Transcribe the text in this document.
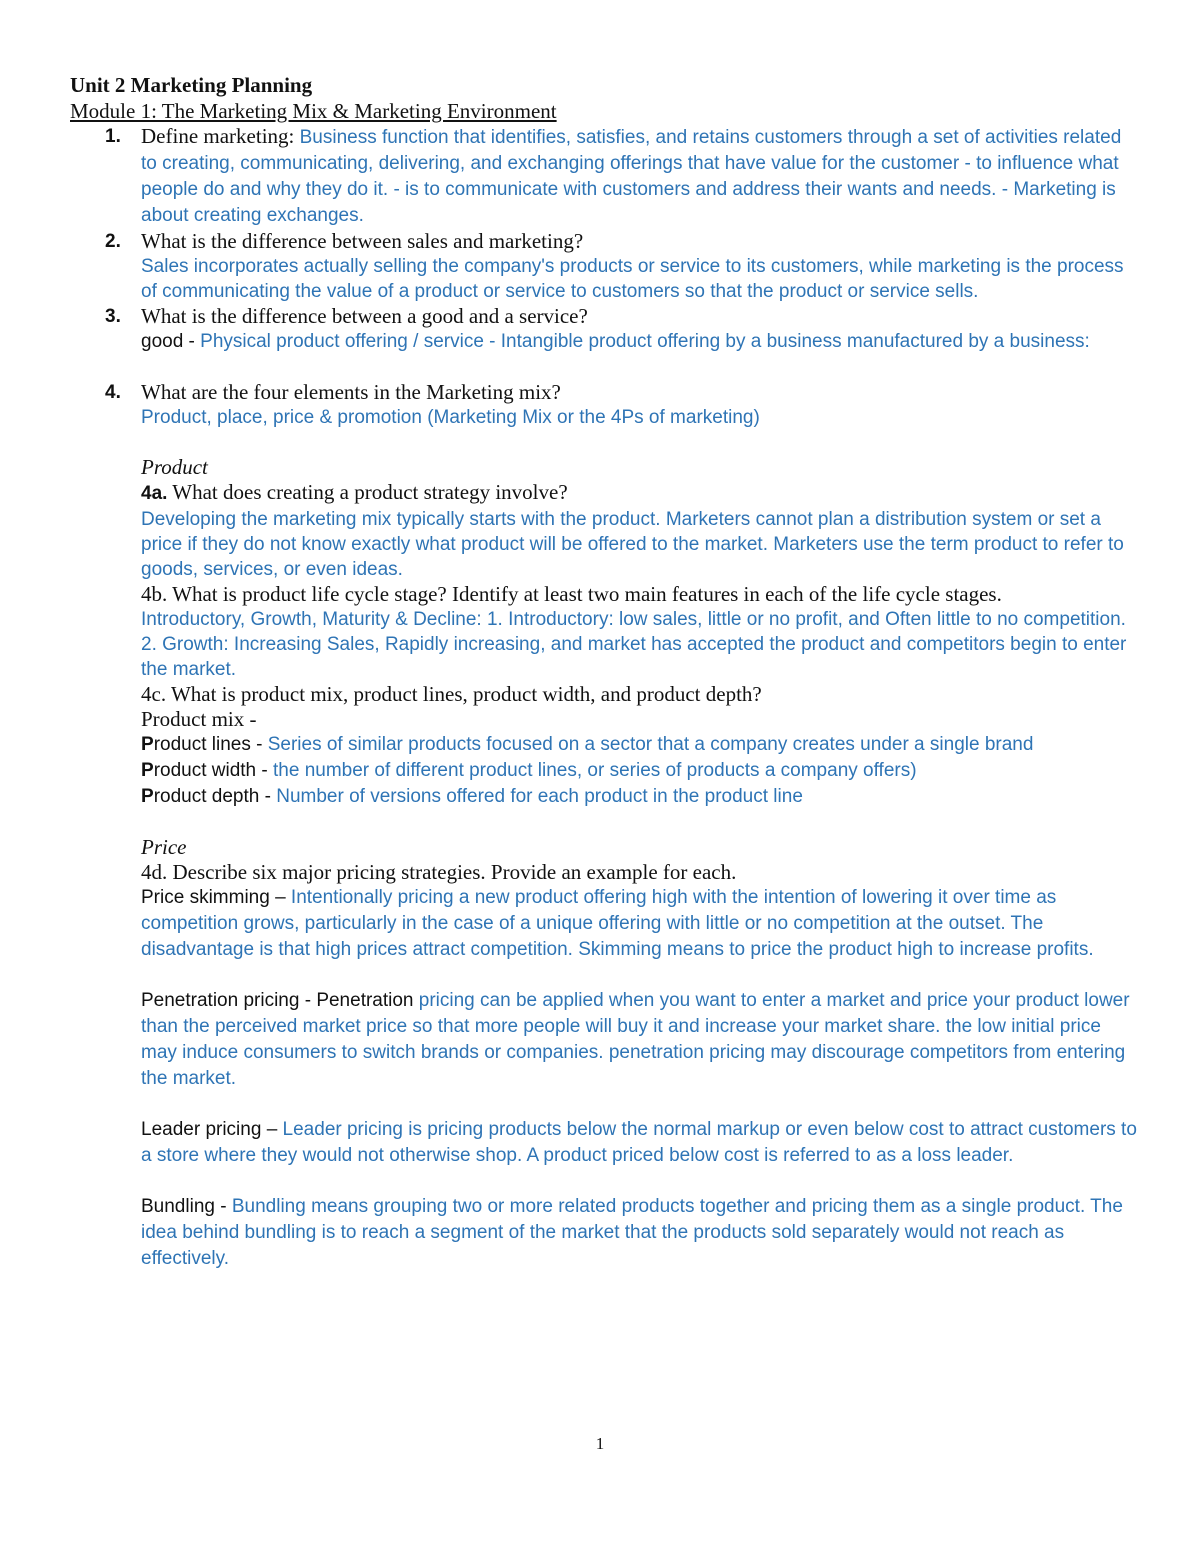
Unit 2 Marketing Planning
Module 1: The Marketing Mix & Marketing Environment
1. Define marketing: Business function that identifies, satisfies, and retains customers through a set of activities related to creating, communicating, delivering, and exchanging offerings that have value for the customer - to influence what people do and why they do it. - is to communicate with customers and address their wants and needs. - Marketing is about creating exchanges.
2. What is the difference between sales and marketing?
Sales incorporates actually selling the company's products or service to its customers, while marketing is the process of communicating the value of a product or service to customers so that the product or service sells.
3. What is the difference between a good and a service?
good - Physical product offering / service - Intangible product offering by a business manufactured by a business:
4. What are the four elements in the Marketing mix?
Product, place, price & promotion (Marketing Mix or the 4Ps of marketing)
Product
4a. What does creating a product strategy involve?
Developing the marketing mix typically starts with the product. Marketers cannot plan a distribution system or set a price if they do not know exactly what product will be offered to the market. Marketers use the term product to refer to goods, services, or even ideas.
4b. What is product life cycle stage? Identify at least two main features in each of the life cycle stages.
Introductory, Growth, Maturity & Decline: 1. Introductory: low sales, little or no profit, and Often little to no competition. 2. Growth: Increasing Sales, Rapidly increasing, and market has accepted the product and competitors begin to enter the market.
4c. What is product mix, product lines, product width, and product depth?
Product mix -
Product lines - Series of similar products focused on a sector that a company creates under a single brand
Product width - the number of different product lines, or series of products a company offers)
Product depth - Number of versions offered for each product in the product line
Price
4d. Describe six major pricing strategies. Provide an example for each.
Price skimming – Intentionally pricing a new product offering high with the intention of lowering it over time as competition grows, particularly in the case of a unique offering with little or no competition at the outset. The disadvantage is that high prices attract competition. Skimming means to price the product high to increase profits.
Penetration pricing - Penetration pricing can be applied when you want to enter a market and price your product lower than the perceived market price so that more people will buy it and increase your market share. the low initial price may induce consumers to switch brands or companies. penetration pricing may discourage competitors from entering the market.
Leader pricing – Leader pricing is pricing products below the normal markup or even below cost to attract customers to a store where they would not otherwise shop. A product priced below cost is referred to as a loss leader.
Bundling - Bundling means grouping two or more related products together and pricing them as a single product. The idea behind bundling is to reach a segment of the market that the products sold separately would not reach as effectively.
1
